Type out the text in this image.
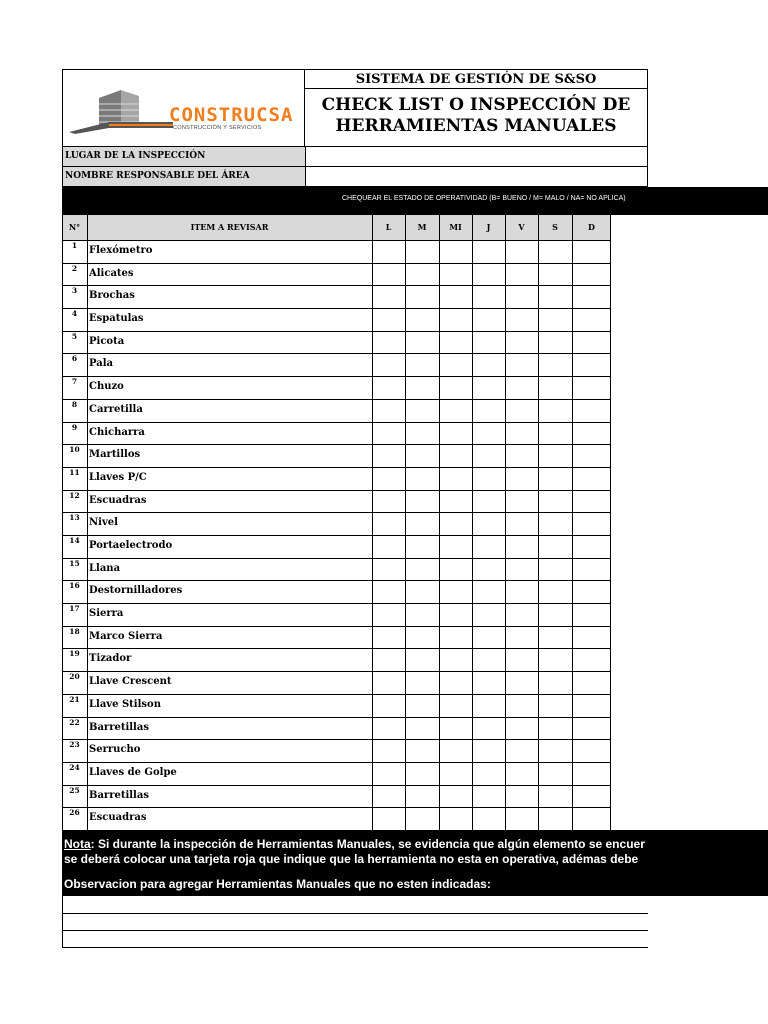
CONSTRUCSA
CONSTRUCCIÓN Y SERVICIOS
SISTEMA DE GESTIÓN DE S&SO
CHECK LIST O INSPECCIÓN DE
HERRAMIENTAS MANUALES
LUGAR DE LA INSPECCIÓN
NOMBRE RESPONSABLE DEL ÁREA
CHEQUEAR EL ESTADO DE OPERATIVIDAD (B= BUENO / M= MALO / NA= NO APLICA)
N°	ITEM A REVISAR	L	M	MI	J	V	S	D
1	Flexómetro
2	Alicates
3	Brochas
4	Espatulas
5	Picota
6	Pala
7	Chuzo
8	Carretilla
9	Chicharra
10 Martillos
11 Llaves P/C
12 Escuadras
13 Nivel
14 Portaelectrodo
15 Llana
16 Destornilladores
17 Sierra
18 Marco Sierra
19 Tizador
20 Llave Crescent
21 Llave Stilson
22 Barretillas
23 Serrucho
24 Llaves de Golpe
25 Barretillas
26 Escuadras
Nota: Si durante la inspección de Herramientas Manuales, se evidencia que algún elemento se encuer
se deberá colocar una tarjeta roja que indique que la herramienta no esta en operativa, adémas debe
Observacion para agregar Herramientas Manuales que no esten indicadas:
